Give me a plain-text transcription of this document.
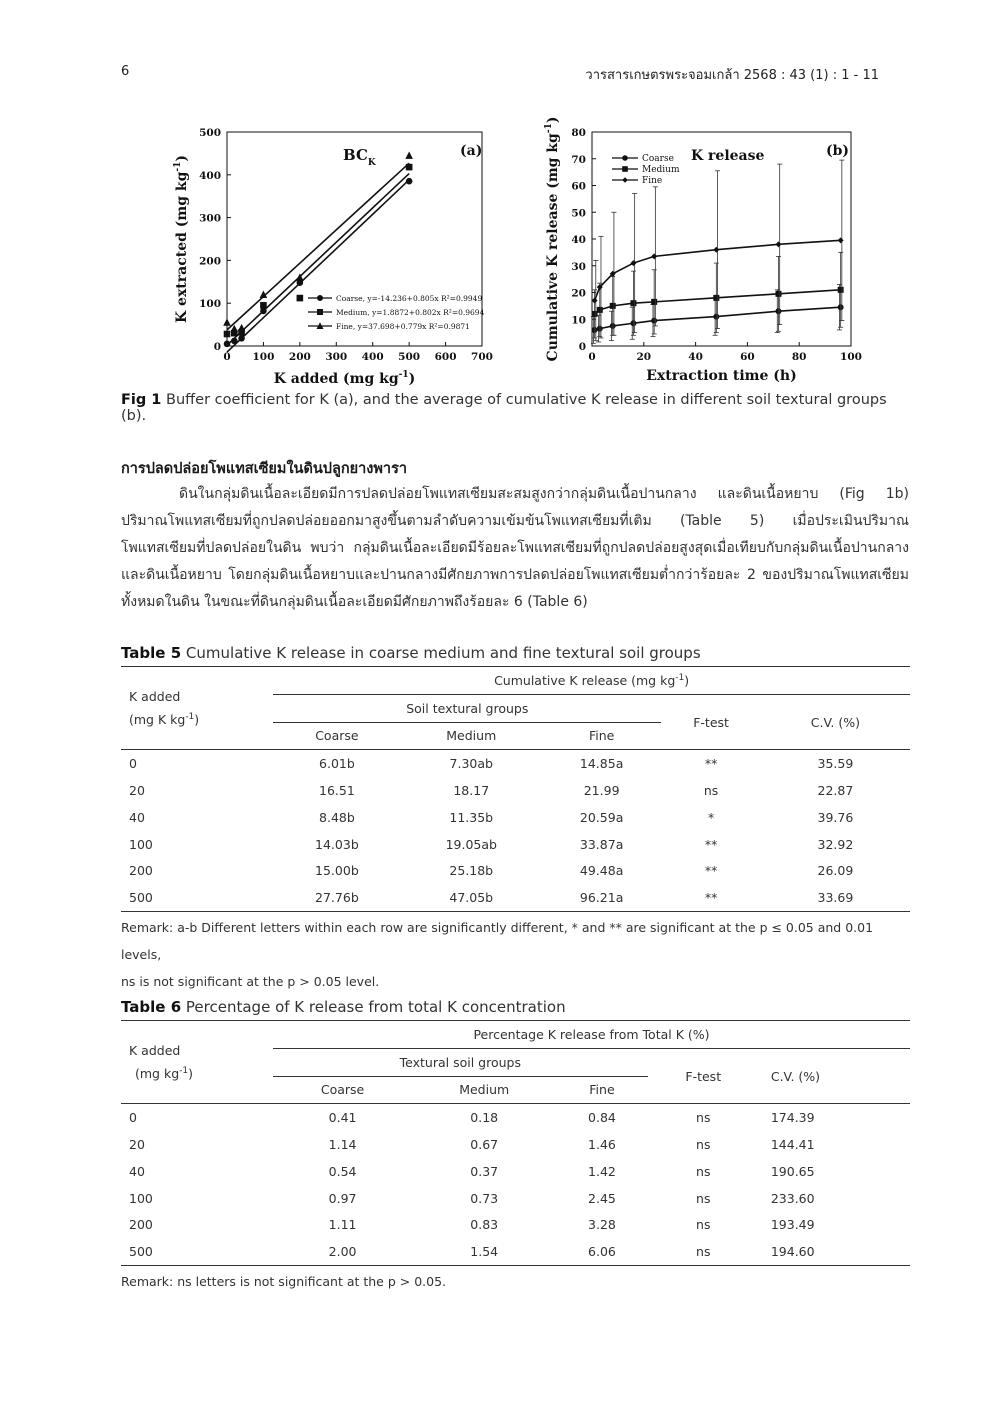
6	วารสารเกษตรพระจอมเกล้า 2568 : 43 (1) : 1 - 11
0 100 200 300 400 500 600 700
0
100
200
300
400
500
K added (mg $kg^{-1}$)
K extracted (mg $kg^{-1}$)	$BC_K$
(a)
Coarse, y=-14.236+0.805x R²=0.9949
Medium, y=1.8872+0.802x R²=0.9694
Fine, y=37.698+0.779x R²=0.9871
0	20	40	60	80	100
0
10
20
30
40
50
60
70
80
Extraction time (h)
Cumulative K release (mg $kg^{-1}$)
K release	(b)
Coarse
Medium
Fine
Fig 1 Buffer coefficient for K (a), and the average of cumulative K release in different soil textural groups (b).
การปลดปล่อยโพแทสเซียมในดินปลูกยางพารา
ดินในกลุ่มดินเนื้อละเอียดมีการปลดปล่อยโพแทสเซียมสะสมสูงกว่ากลุ่มดินเนื้อปานกลาง และดินเนื้อหยาบ (Fig 1b) ปริมาณโพแทสเซียมที่ถูกปลดปล่อยออกมาสูงขึ้นตามลำดับความเข้มข้นโพแทสเซียมที่เติม (Table 5) เมื่อประเมินปริมาณโพแทสเซียมที่ปลดปล่อยในดิน พบว่า กลุ่มดินเนื้อละเอียดมีร้อยละโพแทสเซียมที่ถูกปลดปล่อยสูงสุดเมื่อเทียบกับกลุ่มดินเนื้อปานกลางและดินเนื้อหยาบ โดยกลุ่มดินเนื้อหยาบและปานกลางมีศักยภาพการปลดปล่อยโพแทสเซียมต่ำกว่าร้อยละ 2 ของปริมาณโพแทสเซียมทั้งหมดในดิน ในขณะที่ดินกลุ่มดินเนื้อละเอียดมีศักยภาพถึงร้อยละ 6 (Table 6)
Table 5 Cumulative K release in coarse medium and fine textural soil groups
K added
(mg K $kg^{-1}$)	Cumulative K release (mg $kg^{-1}$)				
	Soil textural groups			F-test	C.V. (%)
	Coarse	Medium	Fine		
0	6.01b	7.30ab	14.85a	**	35.59
20	16.51	18.17	21.99	ns	22.87
40	8.48b	11.35b	20.59a	*	39.76
100	14.03b	19.05ab	33.87a	**	32.92
200	15.00b	25.18b	49.48a	**	26.09
500	27.76b	47.05b	96.21a	**	33.69
Remark: a-b Different letters within each row are significantly different, * and ** are significant at the p ≤ 0.05 and 0.01 levels,
ns is not significant at the p > 0.05 level.
Table 6 Percentage of K release from total K concentration
K added
(mg $kg^{-1}$)	Percentage K release from Total K (%)				
	Textural soil groups			F-test	C.V. (%)
	Coarse	Medium	Fine		
0	0.41	0.18	0.84	ns	174.39
20	1.14	0.67	1.46	ns	144.41
40	0.54	0.37	1.42	ns	190.65
100	0.97	0.73	2.45	ns	233.60
200	1.11	0.83	3.28	ns	193.49
500	2.00	1.54	6.06	ns	194.60
Remark: ns letters is not significant at the p > 0.05.
